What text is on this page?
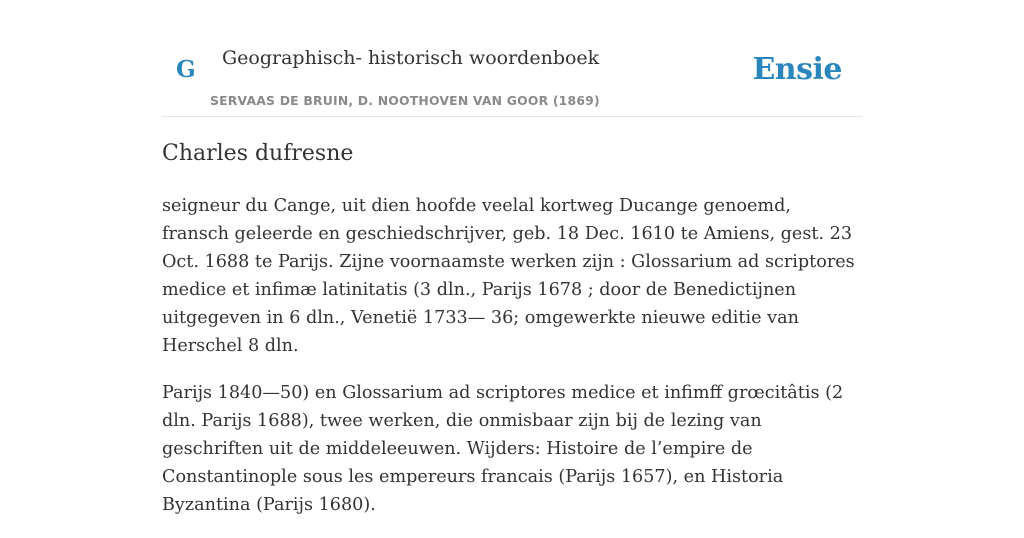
G Geographisch- historisch woordenboek
SERVAAS DE BRUIN, D. NOOTHOVEN VAN GOOR (1869)
Ensie
Charles dufresne

seigneur du Cange, uit dien hoofde veelal kortweg Ducange genoemd, fransch geleerde en geschiedschrijver, geb. 18 Dec. 1610 te Amiens, gest. 23 Oct. 1688 te Parijs. Zijne voornaamste werken zijn : Glossarium ad scriptores medice et infimæ latinitatis (3 dln., Parijs 1678 ; door de Benedictijnen uitgegeven in 6 dln., Venetië 1733— 36; omgewerkte nieuwe editie van Herschel 8 dln.

Parijs 1840—50) en Glossarium ad scriptores medice et infimff grœcitâtis (2 dln. Parijs 1688), twee werken, die onmisbaar zijn bij de lezing van geschriften uit de middeleeuwen. Wijders: Histoire de l’empire de Constantinople sous les empereurs francais (Parijs 1657), en Historia Byzantina (Parijs 1680).
